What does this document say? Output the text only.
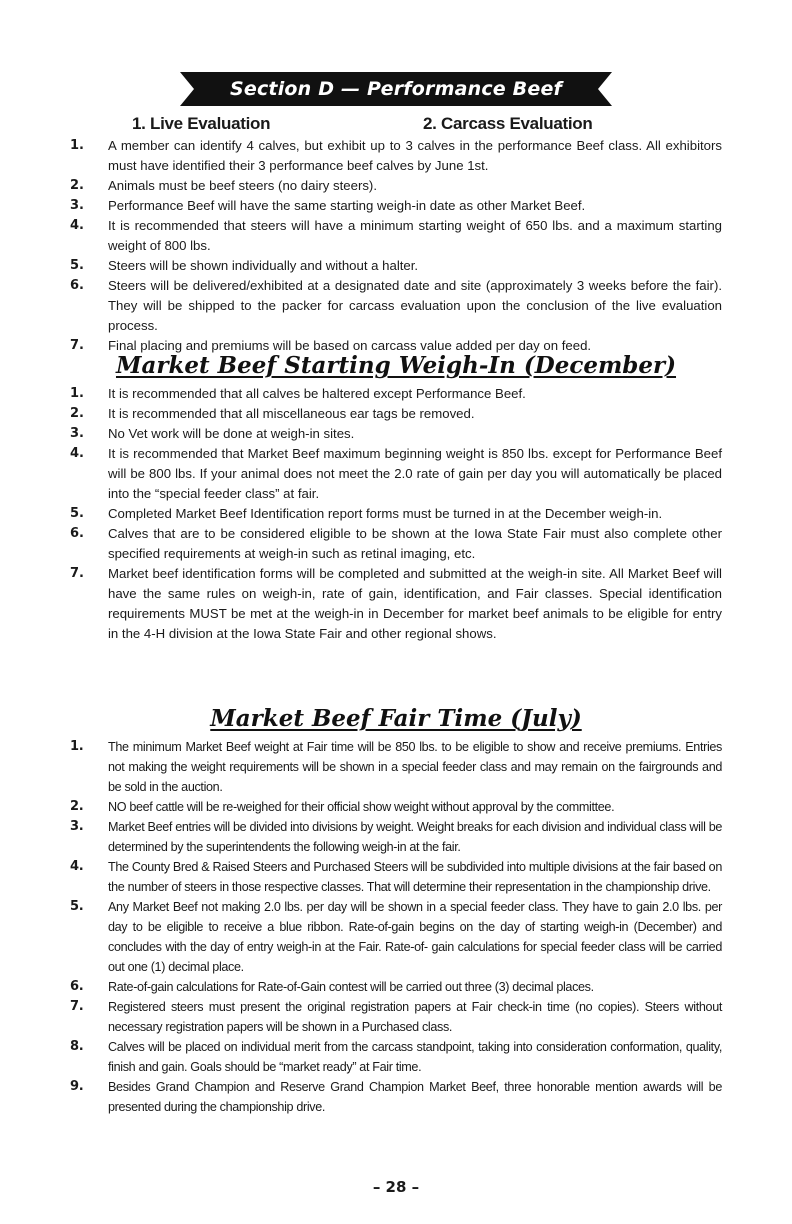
Section D — Performance Beef
1. Live Evaluation	2. Carcass Evaluation
1.	A member can identify 4 calves, but exhibit up to 3 calves in the performance Beef class. All exhibitors must have identified their 3 performance beef calves by June 1st.
2.	Animals must be beef steers (no dairy steers).
3.	Performance Beef will have the same starting weigh-in date as other Market Beef.
4.	It is recommended that steers will have a minimum starting weight of 650 lbs. and a maximum starting weight of 800 lbs.
5.	Steers will be shown individually and without a halter.
6.	Steers will be delivered/exhibited at a designated date and site (approximately 3 weeks before the fair). They will be shipped to the packer for carcass evaluation upon the conclusion of the live evaluation process.
7.	Final placing and premiums will be based on carcass value added per day on feed.
Market Beef Starting Weigh-In (December)
1.	It is recommended that all calves be haltered except Performance Beef.
2.	It is recommended that all miscellaneous ear tags be removed.
3.	No Vet work will be done at weigh-in sites.
4.	It is recommended that Market Beef maximum beginning weight is 850 lbs. except for Performance Beef will be 800 lbs. If your animal does not meet the 2.0 rate of gain per day you will automatically be placed into the “special feeder class” at fair.
5.	Completed Market Beef Identification report forms must be turned in at the December weigh-in.
6.	Calves that are to be considered eligible to be shown at the Iowa State Fair must also complete other specified requirements at weigh-in such as retinal imaging, etc.
7.	Market beef identification forms will be completed and submitted at the weigh-in site. All Market Beef will have the same rules on weigh-in, rate of gain, identification, and Fair classes. Special identification requirements MUST be met at the weigh-in in December for market beef animals to be eligible for entry in the 4-H division at the Iowa State Fair and other regional shows.
Market Beef Fair Time (July)
1.	The minimum Market Beef weight at Fair time will be 850 lbs. to be eligible to show and receive premiums. Entries not making the weight requirements will be shown in a special feeder class and may remain on the fairgrounds and be sold in the auction.
2.	NO beef cattle will be re-weighed for their official show weight without approval by the committee.
3.	Market Beef entries will be divided into divisions by weight. Weight breaks for each division and individual class will be determined by the superintendents the following weigh-in at the fair.
4.	The County Bred & Raised Steers and Purchased Steers will be subdivided into multiple divisions at the fair based on the number of steers in those respective classes. That will determine their representation in the championship drive.
5.	Any Market Beef not making 2.0 lbs. per day will be shown in a special feeder class. They have to gain 2.0 lbs. per day to be eligible to receive a blue ribbon. Rate-of-gain begins on the day of starting weigh-in (December) and concludes with the day of entry weigh-in at the Fair. Rate-of- gain calculations for special feeder class will be carried out one (1) decimal place.
6.	Rate-of-gain calculations for Rate-of-Gain contest will be carried out three (3) decimal places.
7.	Registered steers must present the original registration papers at Fair check-in time (no copies). Steers without necessary registration papers will be shown in a Purchased class.
8.	Calves will be placed on individual merit from the carcass standpoint, taking into consideration conformation, quality, finish and gain. Goals should be “market ready” at Fair time.
9.	Besides Grand Champion and Reserve Grand Champion Market Beef, three honorable mention awards will be presented during the championship drive.
– 28 –
